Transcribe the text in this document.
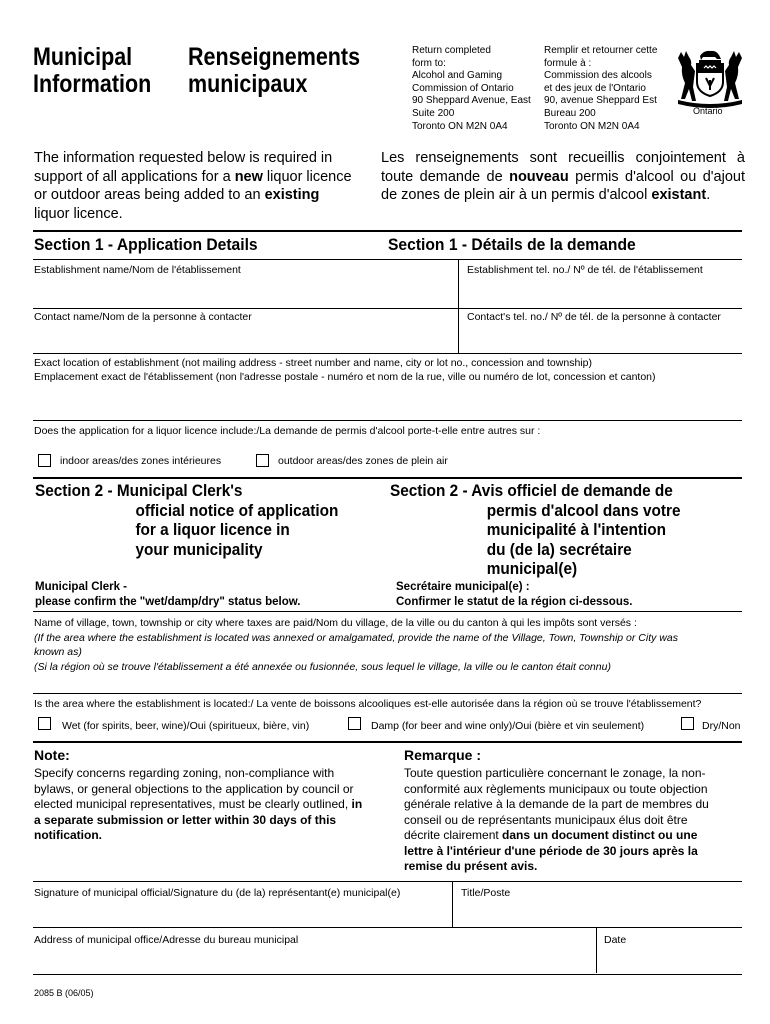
Municipal
Information
Renseignements
municipaux
Return completed
form to:
Alcohol and Gaming
Commission of Ontario
90 Sheppard Avenue, East
Suite 200
Toronto ON M2N 0A4
Remplir et retourner cette
formule à :
Commission des alcools
et des jeux de l'Ontario
90, avenue Sheppard Est
Bureau 200
Toronto ON M2N 0A4
Ontario
The information requested below is required in support of all applications for a new liquor licence or outdoor areas being added to an existing liquor licence.
Les renseignements sont recueillis conjointement à toute demande de nouveau permis d'alcool ou d'ajout de zones de plein air à un permis d'alcool existant.
Section 1 - Application Details	Section 1 - Détails de la demande
Establishment name/Nom de l'établissement	Establishment tel. no./ Nº de tél. de l'établissement
Contact name/Nom de la personne à contacter	Contact's tel. no./ Nº de tél. de la personne à contacter
Exact location of establishment (not mailing address - street number and name, city or lot no., concession and township)
Emplacement exact de l'établissement (non l'adresse postale - numéro et nom de la rue, ville ou numéro de lot, concession et canton)
Does the application for a liquor licence include:/La demande de permis d'alcool porte-t-elle entre autres sur :
indoor areas/des zones intérieures	outdoor areas/des zones de plein air
Section 2 - Municipal Clerk's
official notice of application
for a liquor licence in
your municipality
Section 2 - Avis officiel de demande de
permis d'alcool dans votre
municipalité à l'intention
du (de la) secrétaire
municipal(e)
Municipal Clerk -
please confirm the "wet/damp/dry" status below.
Secrétaire municipal(e) :
Confirmer le statut de la région ci-dessous.
Name of village, town, township or city where taxes are paid/Nom du village, de la ville ou du canton à qui les impôts sont versés :
(If the area where the establishment is located was annexed or amalgamated, provide the name of the Village, Town, Township or City was
known as)
(Si la région où se trouve l'établissement a été annexée ou fusionnée, sous lequel le village, la ville ou le canton était connu)
Is the area where the establishment is located:/ La vente de boissons alcooliques est-elle autorisée dans la région où se trouve l'établissement?
Wet (for spirits, beer, wine)/Oui (spiritueux, bière, vin)	Damp (for beer and wine only)/Oui (bière et vin seulement)	Dry/Non
Note:	Remarque :
Specify concerns regarding zoning, non-compliance with bylaws, or general objections to the application by council or elected municipal representatives, must be clearly outlined, in a separate submission or letter within 30 days of this notification.
Toute question particulière concernant le zonage, la non-conformité aux règlements municipaux ou toute objection générale relative à la demande de la part de membres du conseil ou de représentants municipaux élus doit être décrite clairement dans un document distinct ou une lettre à l'intérieur d'une période de 30 jours après la remise du présent avis.
Signature of municipal official/Signature du (de la) représentant(e) municipal(e)	Title/Poste
Address of municipal office/Adresse du bureau municipal	Date
2085 B (06/05)
